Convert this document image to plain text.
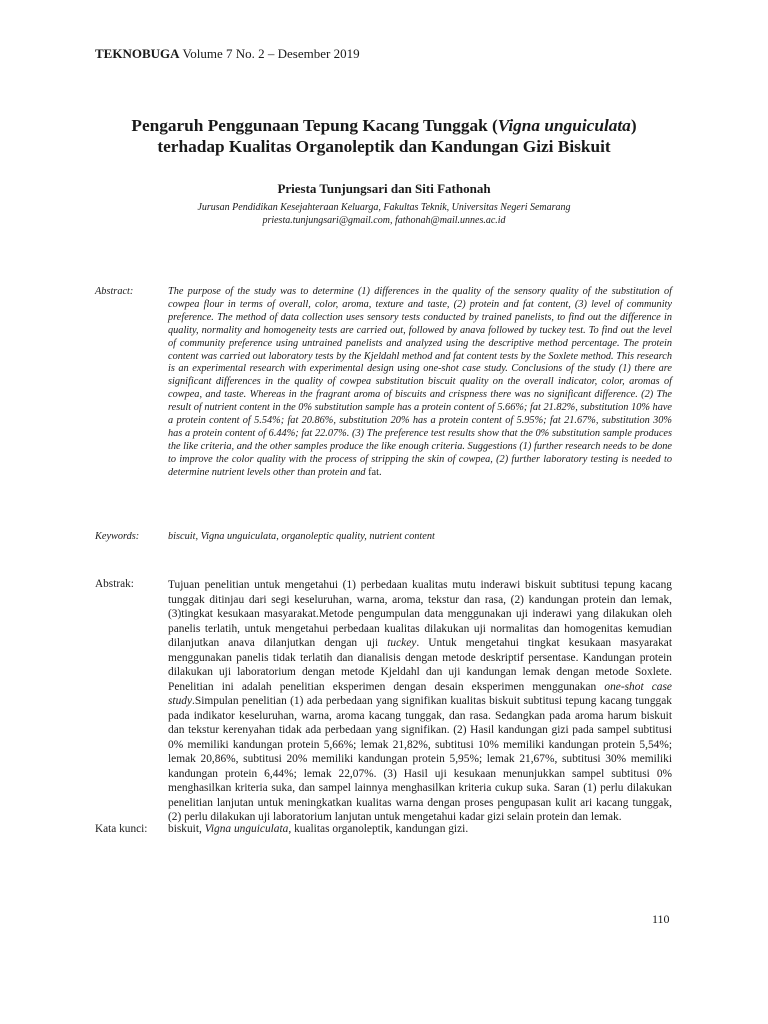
TEKNOBUGA Volume 7 No. 2 – Desember 2019
Pengaruh Penggunaan Tepung Kacang Tunggak (Vigna unguiculata)
terhadap Kualitas Organoleptik dan Kandungan Gizi Biskuit
Priesta Tunjungsari dan Siti Fathonah
Jurusan Pendidikan Kesejahteraan Keluarga, Fakultas Teknik, Universitas Negeri Semarang
priesta.tunjungsari@gmail.com, fathonah@mail.unnes.ac.id
Abstract:	The purpose of the study was to determine (1) differences in the quality of the sensory quality of the substitution of cowpea flour in terms of overall, color, aroma, texture and taste, (2) protein and fat content, (3) level of community preference. The method of data collection uses sensory tests conducted by trained panelists, to find out the difference in quality, normality and homogeneity tests are carried out, followed by anava followed by tuckey test. To find out the level of community preference using untrained panelists and analyzed using the descriptive method percentage. The protein content was carried out laboratory tests by the Kjeldahl method and fat content tests by the Soxlete method. This research is an experimental research with experimental design using one-shot case study. Conclusions of the study (1) there are significant differences in the quality of cowpea substitution biscuit quality on the overall indicator, color, aromas of cowpea, and taste. Whereas in the fragrant aroma of biscuits and crispness there was no significant difference. (2) The result of nutrient content in the 0% substitution sample has a protein content of 5.66%; fat 21.82%, substitution 10% have a protein content of 5.54%; fat 20.86%, substitution 20% has a protein content of 5.95%; fat 21.67%, substitution 30% has a protein content of 6.44%; fat 22.07%. (3) The preference test results show that the 0% substitution sample produces the like criteria, and the other samples produce the like enough criteria. Suggestions (1) further research needs to be done to improve the color quality with the process of stripping the skin of cowpea, (2) further laboratory testing is needed to determine nutrient levels other than protein and fat.

Keywords:	biscuit, Vigna unguiculata, organoleptic quality, nutrient content
Abstrak:	Tujuan penelitian untuk mengetahui (1) perbedaan kualitas mutu inderawi biskuit subtitusi tepung kacang tunggak ditinjau dari segi keseluruhan, warna, aroma, tekstur dan rasa, (2) kandungan protein dan lemak, (3)tingkat kesukaan masyarakat.Metode pengumpulan data menggunakan uji inderawi yang dilakukan oleh panelis terlatih, untuk mengetahui perbedaan kualitas dilakukan uji normalitas dan homogenitas kemudian dilanjutkan anava dilanjutkan dengan uji tuckey. Untuk mengetahui tingkat kesukaan masyarakat menggunakan panelis tidak terlatih dan dianalisis dengan metode deskriptif persentase. Kandungan protein dilakukan uji laboratorium dengan metode Kjeldahl dan uji kandungan lemak dengan metode Soxlete. Penelitian ini adalah penelitian eksperimen dengan desain eksperimen menggunakan one-shot case study.Simpulan penelitian (1) ada perbedaan yang signifikan kualitas biskuit subtitusi tepung kacang tunggak pada indikator keseluruhan, warna, aroma kacang tunggak, dan rasa. Sedangkan pada aroma harum biskuit dan tekstur kerenyahan tidak ada perbedaan yang signifikan. (2) Hasil kandungan gizi pada sampel subtitusi 0% memiliki kandungan protein 5,66%; lemak 21,82%, subtitusi 10% memiliki kandungan protein 5,54%; lemak 20,86%, subtitusi 20% memiliki kandungan protein 5,95%; lemak 21,67%, subtitusi 30% memiliki kandungan protein 6,44%; lemak 22,07%. (3) Hasil uji kesukaan menunjukkan sampel subtitusi 0% menghasilkan kriteria suka, dan sampel lainnya menghasilkan kriteria cukup suka. Saran (1) perlu dilakukan penelitian lanjutan untuk meningkatkan kualitas warna dengan proses pengupasan kulit ari kacang tunggak, (2) perlu dilakukan uji laboratorium lanjutan untuk mengetahui kadar gizi selain protein dan lemak.

Kata kunci: biskuit, Vigna unguiculata, kualitas organoleptik, kandungan gizi.
110
